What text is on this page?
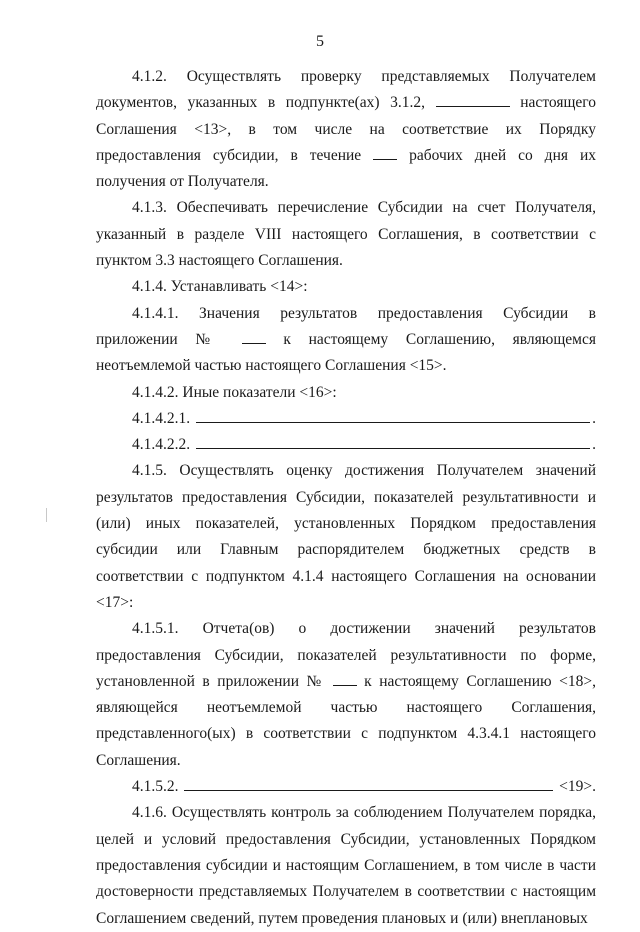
5

4.1.2. Осуществлять проверку представляемых Получателем документов, указанных в подпункте(ах) 3.1.2,	настоящего Соглашения <13>, в том числе на соответствие их Порядку предоставления субсидии, в течение  рабочих дней со дня их получения от Получателя.

4.1.3. Обеспечивать перечисление Субсидии на счет Получателя, указанный в разделе VIII настоящего Соглашения, в соответствии с пунктом 3.3 настоящего Соглашения.

4.1.4. Устанавливать <14>:

4.1.4.1. Значения результатов предоставления Субсидии в приложении №  к настоящему Соглашению, являющемся неотъемлемой частью настоящего Соглашения <15>.

4.1.4.2. Иные показатели <16>:

4.1.4.2.1.	.
4.1.4.2.2.	.

4.1.5. Осуществлять оценку достижения Получателем значений результатов предоставления Субсидии, показателей результативности и (или) иных показателей, установленных Порядком предоставления субсидии или Главным распорядителем бюджетных средств в соответствии с подпунктом 4.1.4 настоящего Соглашения на основании <17>:

4.1.5.1. Отчета(ов) о достижении значений результатов предоставления Субсидии, показателей результативности по форме, установленной в приложении №  к настоящему Соглашению <18>, являющейся неотъемлемой частью настоящего Соглашения, представленного(ых) в соответствии с подпунктом 4.3.4.1 настоящего Соглашения.

4.1.5.2.	<19>.

4.1.6. Осуществлять контроль за соблюдением Получателем порядка, целей и условий предоставления Субсидии, установленных Порядком предоставления субсидии и настоящим Соглашением, в том числе в части достоверности представляемых Получателем в соответствии с настоящим Соглашением сведений, путем проведения плановых и (или) внеплановых
